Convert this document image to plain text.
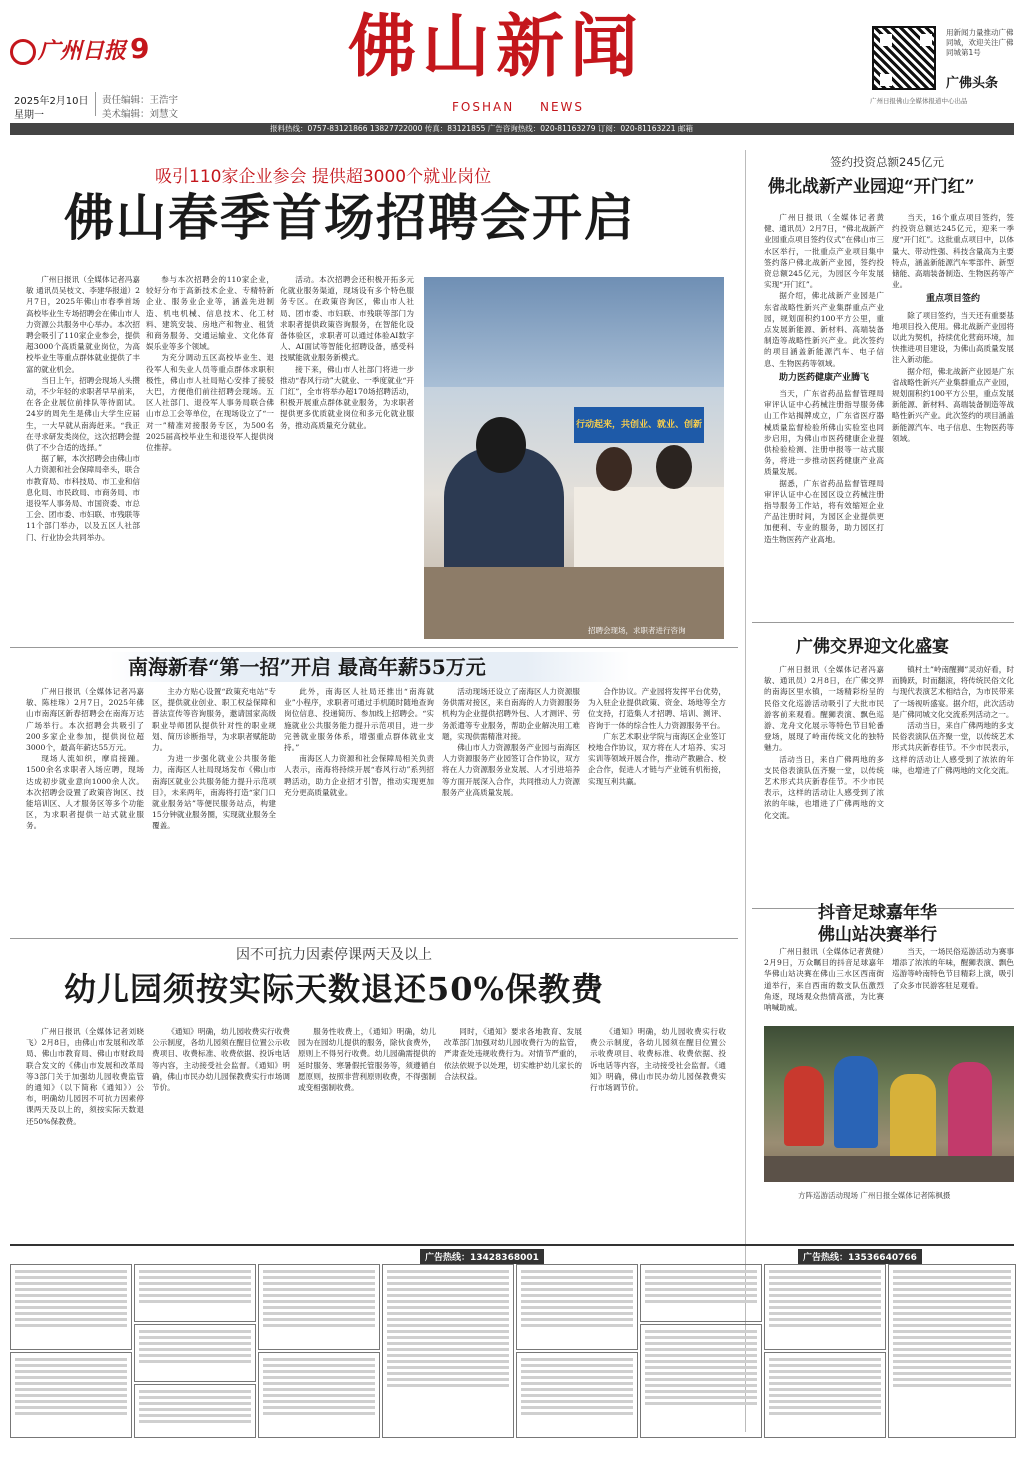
广州日报 9
2025年2月10日
星期一
责任编辑：王浩宇
美术编辑：刘慧文
佛山新闻
FOSHAN NEWS
用新闻力量推动广佛同城，欢迎关注广佛同城第1号
广佛头条
广州日报佛山全媒体报道中心出品
报料热线：0757-83121866 13827722000 传真：83121855 广告咨询热线：020-81163279 订阅：020-81163221 邮箱
吸引110家企业参会 提供超3000个就业岗位
佛山春季首场招聘会开启

广州日报讯（全媒体记者冯嘉敏 通讯员吴枝文、李建华报道）2月7日，2025年佛山市春季首场高校毕业生专场招聘会在佛山市人力资源公共服务中心举办。本次招聘会吸引了110家企业参会，提供超3000个高质量就业岗位，为高校毕业生等重点群体就业提供了丰富的就业机会。

当日上午，招聘会现场人头攒动，不少年轻的求职者早早前来，在各企业展位前排队等待面试。24岁的周先生是佛山大学生应届生，一大早就从南海赶来。“我正在寻求研发类岗位，这次招聘会提供了不少合适的选择。”

据了解，本次招聘会由佛山市人力资源和社会保障局牵头，联合市教育局、市科技局、市工业和信息化局、市民政局、市商务局、市退役军人事务局、市国资委、市总工会、团市委、市妇联、市残联等11个部门举办，以及五区人社部门、行业协会共同举办。

参与本次招聘会的110家企业，较好分布于高新技术企业、专精特新企业、服务业企业等，涵盖先进制造、机电机械、信息技术、化工材料、建筑安装、房地产和物业、租赁和商务服务、交通运输业、文化体育娱乐业等多个领域。

为充分调动五区高校毕业生、退役军人和失业人员等重点群体求职积极性，佛山市人社局贴心安排了接驳大巴，方便他们前往招聘会现场。五区人社部门、退役军人事务局联合佛山市总工会等单位，在现场设立了“一对一”精准对接服务专区，为500名2025届高校毕业生和退役军人提供岗位推荐。

活动。本次招聘会还积极开拓多元化就业服务渠道，现场设有多个特色服务专区。在政策咨询区，佛山市人社局、团市委、市妇联、市残联等部门为求职者提供政策咨询服务，在智能化设备体验区，求职者可以通过体验AI数字人、AI面试等智能化招聘设备，感受科技赋能就业服务新模式。

接下来，佛山市人社部门将进一步推动“春风行动”大就业、一季度就业“开门红”，全市将举办超170场招聘活动，积极开展重点群体就业服务，为求职者提供更多优质就业岗位和多元化就业服务，推动高质量充分就业。	行动起来，共创业、就业、创新
招聘会现场，求职者进行咨询
签约投资总额245亿元
佛北战新产业园迎“开门红”

广州日报讯（全媒体记者黄健、通讯员）2月7日，“佛北战新产业园重点项目签约仪式”在佛山市三水区举行，一批重点产业项目集中签约落户佛北战新产业园，签约投资总额245亿元，为园区今年发展实现“开门红”。

据介绍，佛北战新产业园是广东省战略性新兴产业集群重点产业园，规划面积约100平方公里，重点发展新能源、新材料、高端装备制造等战略性新兴产业。此次签约的项目涵盖新能源汽车、电子信息、生物医药等领域。

助力医药健康产业腾飞

当天，广东省药品监督管理局审评认证中心药械注册指导服务佛山工作站揭牌成立，广东省医疗器械质量监督检验所佛山实验室也同步启用，为佛山市医药健康企业提供检验检测、注册申报等一站式服务，将进一步推动医药健康产业高质量发展。

据悉，广东省药品监督管理局审评认证中心在园区设立药械注册指导服务工作站，将有效缩短企业产品注册时间，为园区企业提供更加便利、专业的服务，助力园区打造生物医药产业高地。

当天，16个重点项目签约，签约投资总额达245亿元，迎来一季度“开门红”。这批重点项目中，以体量大、带动性强、科技含量高为主要特点，涵盖新能源汽车零部件、新型储能、高端装备制造、生物医药等产业。

重点项目签约

除了项目签约，当天还有重要基地项目投入使用。佛北战新产业园将以此为契机，持续优化营商环境，加快推进项目建设，为佛山高质量发展注入新动能。

据介绍，佛北战新产业园是广东省战略性新兴产业集群重点产业园，规划面积约100平方公里，重点发展新能源、新材料、高端装备制造等战略性新兴产业。此次签约的项目涵盖新能源汽车、电子信息、生物医药等领域。

广佛交界迎文化盛宴

广州日报讯（全媒体记者冯嘉敏、通讯员）2月8日，在广佛交界的南海区里水镇，一场精彩纷呈的民俗文化巡游活动吸引了大批市民游客前来观看。醒狮表演、飘色巡游、龙舟文化展示等特色节目轮番登场，展现了岭南传统文化的独特魅力。

活动当日，来自广佛两地的多支民俗表演队伍齐聚一堂，以传统艺术形式共庆新春佳节。不少市民表示，这样的活动让人感受到了浓浓的年味，也增进了广佛两地的文化交流。

镇村土”岭南醒狮”灵动好看，时而腾跃，时而翻滚，将传统民俗文化与现代表演艺术相结合，为市民带来了一场视听盛宴。据介绍，此次活动是广佛同城文化交流系列活动之一。

活动当日，来自广佛两地的多支民俗表演队伍齐聚一堂，以传统艺术形式共庆新春佳节。不少市民表示，这样的活动让人感受到了浓浓的年味，也增进了广佛两地的文化交流。

抖音足球嘉年华
佛山站决赛举行

广州日报讯（全媒体记者黄健）2月9日，万众瞩目的抖音足球嘉年华佛山站决赛在佛山三水区西南街道举行，来自西南的数支队伍激烈角逐，现场观众热情高涨，为比赛呐喊助威。

当天，一场民俗巡游活动为赛事增添了浓浓的年味，醒狮表演、飘色巡游等岭南特色节目精彩上演，吸引了众多市民游客驻足观看。

方阵巡游活动现场 广州日报全媒体记者陈枫摄
南海新春“第一招”开启 最高年薪55万元

广州日报讯（全媒体记者冯嘉敏、陈桂珠）2月7日，2025年佛山市南海区新春招聘会在南海万达广场举行。本次招聘会共吸引了200多家企业参加，提供岗位超3000个，最高年薪达55万元。

现场人流如织，摩肩接踵。1500余名求职者入场应聘，现场达成初步就业意向1000余人次。本次招聘会设置了政策咨询区、技能培训区、人才服务区等多个功能区，为求职者提供一站式就业服务。

主办方贴心设置“政策充电站”专区，提供就业创业、职工权益保障和普法宣传等咨询服务，邀请国家高级职业导师团队提供针对性的职业规划、简历诊断指导，为求职者赋能助力。

为进一步强化就业公共服务能力，南海区人社局现场发布《佛山市南海区就业公共服务能力提升示范项目》，未来两年，南海将打造“家门口就业服务站”等便民服务站点，构建15分钟就业服务圈，实现就业服务全覆盖。

此外，南海区人社局还推出“南海就业”小程序，求职者可通过手机随时随地查询岗位信息、投递简历、参加线上招聘会。“实施就业公共服务能力提升示范项目，进一步完善就业服务体系，增强重点群体就业支持。”

南海区人力资源和社会保障局相关负责人表示，南海将持续开展“春风行动”系列招聘活动，助力企业招才引智，推动实现更加充分更高质量就业。

活动现场还设立了南海区人力资源服务供需对接区，来自南海的人力资源服务机构为企业提供招聘外包、人才测评、劳务派遣等专业服务，帮助企业解决用工难题，实现供需精准对接。

佛山市人力资源服务产业园与南海区人力资源服务产业园签订合作协议，双方将在人力资源服务业发展、人才引进培养等方面开展深入合作，共同推动人力资源服务产业高质量发展。

合作协议。产业园将发挥平台优势，为入驻企业提供政策、资金、场地等全方位支持，打造集人才招聘、培训、测评、咨询于一体的综合性人力资源服务平台。

广东艺术职业学院与南海区企业签订校地合作协议，双方将在人才培养、实习实训等领域开展合作，推动产教融合、校企合作，促进人才链与产业链有机衔接，实现互利共赢。

因不可抗力因素停课两天及以上
幼儿园须按实际天数退还50%保教费

广州日报讯（全媒体记者刘晓飞）2月8日，由佛山市发展和改革局、佛山市教育局、佛山市财政局联合发文的《佛山市发展和改革局等3部门关于加强幼儿园收费监管的通知》（以下简称《通知》）公布，明确幼儿园因不可抗力因素停课两天及以上的，须按实际天数退还50%保教费。

《通知》明确，幼儿园收费实行收费公示制度，各幼儿园须在醒目位置公示收费项目、收费标准、收费依据、投诉电话等内容，主动接受社会监督。《通知》明确，佛山市民办幼儿园保教费实行市场调节价。

服务性收费上，《通知》明确，幼儿园为在园幼儿提供的服务，除伙食费外，原则上不得另行收费。幼儿园确需提供的延时服务、寒暑假托管服务等，须遵循自愿原则，按照非营利原则收费，不得强制或变相强制收费。

同时，《通知》要求各地教育、发展改革部门加强对幼儿园收费行为的监管，严肃查处违规收费行为。对情节严重的，依法依规予以处理，切实维护幼儿家长的合法权益。

《通知》明确，幼儿园收费实行收费公示制度，各幼儿园须在醒目位置公示收费项目、收费标准、收费依据、投诉电话等内容，主动接受社会监督。《通知》明确，佛山市民办幼儿园保教费实行市场调节价。

广告热线：13428368001	广告热线：13536640766
